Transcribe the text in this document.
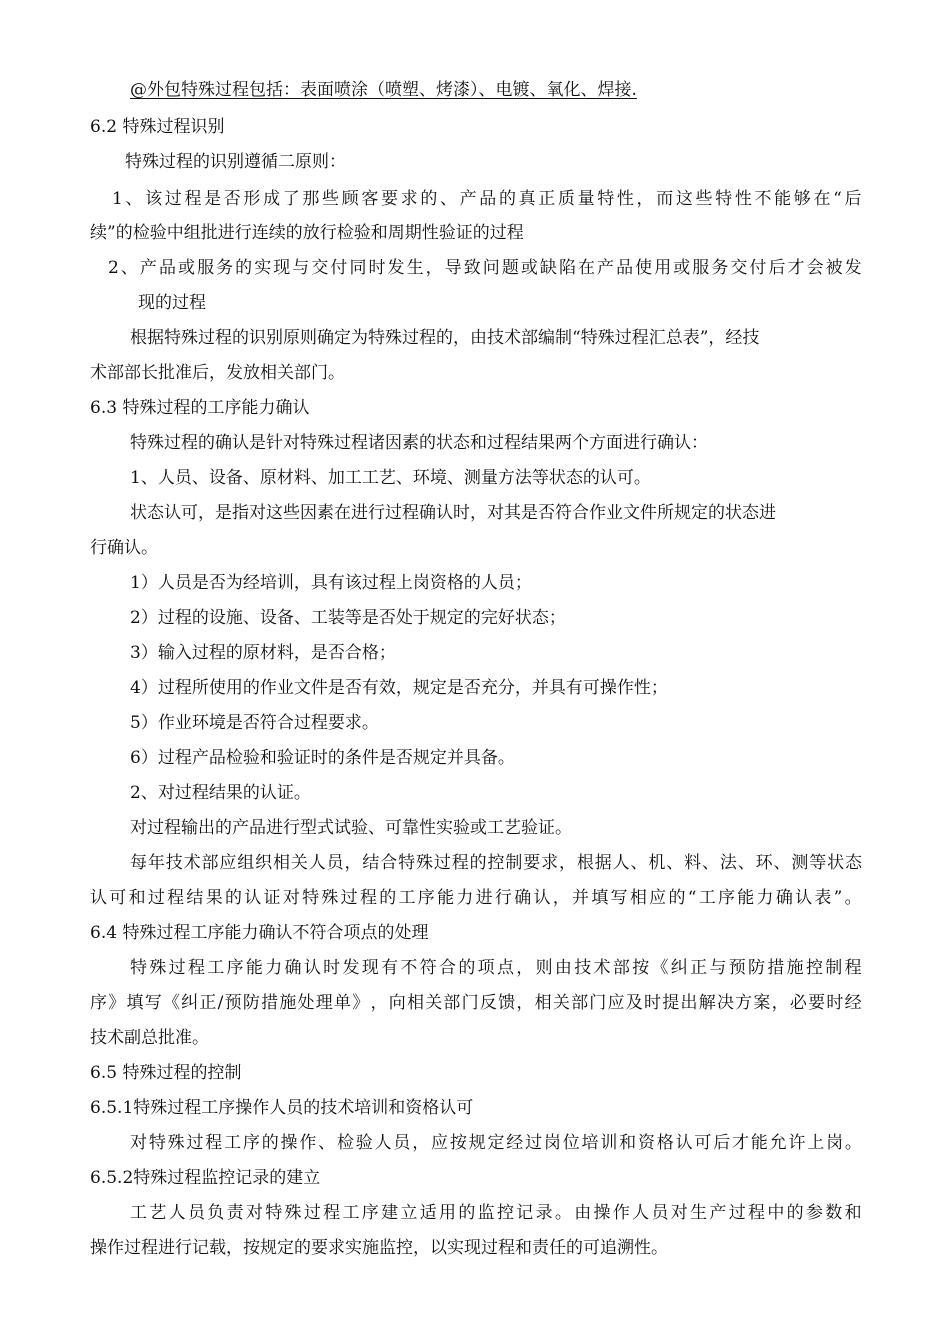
@外包特殊过程包括：表面喷涂（喷塑、烤漆）、电镀、氧化、焊接.
6.2 特殊过程识别
特殊过程的识别遵循二原则：
1 、 该 过 程 是 否 形 成 了 那 些 顾 客 要 求 的 、 产 品 的 真 正 质 量 特 性 ， 而 这 些 特 性 不 能 够 在 “ 后
续”的检验中组批进行连续的放行检验和周期性验证的过程
2 、 产 品 或 服 务 的 实 现 与 交 付 同 时 发 生 ， 导 致 问 题 或 缺 陷 在 产 品 使 用 或 服 务 交 付 后 才 会 被 发
现的过程
根据特殊过程的识别原则确定为特殊过程的，由技术部编制“特殊过程汇总表”，经技
术部部长批准后，发放相关部门。
6.3 特殊过程的工序能力确认
特殊过程的确认是针对特殊过程诸因素的状态和过程结果两个方面进行确认：
1、人员、设备、原材料、加工工艺、环境、测量方法等状态的认可。
状态认可，是指对这些因素在进行过程确认时，对其是否符合作业文件所规定的状态进
行确认。
1）人员是否为经培训，具有该过程上岗资格的人员；
2）过程的设施、设备、工装等是否处于规定的完好状态；
3）输入过程的原材料，是否合格；
4）过程所使用的作业文件是否有效，规定是否充分，并具有可操作性；
5）作业环境是否符合过程要求。
6）过程产品检验和验证时的条件是否规定并具备。
2、对过程结果的认证。
对过程输出的产品进行型式试验、可靠性实验或工艺验证。
每 年 技 术 部 应 组 织 相 关 人 员 ， 结 合 特 殊 过 程 的 控 制 要 求 ， 根 据 人 、 机 、 料 、 法 、 环 、 测 等 状 态
认 可 和 过 程 结 果 的 认 证 对 特 殊 过 程 的 工 序 能 力 进 行 确 认 ， 并 填 写 相 应 的 “ 工 序 能 力 确 认 表 ” 。
6.4 特殊过程工序能力确认不符合项点的处理
特 殊 过 程 工 序 能 力 确 认 时 发 现 有 不 符 合 的 项 点 ， 则 由 技 术 部 按 《 纠 正 与 预 防 措 施 控 制 程
序 》 填 写 《 纠 正 / 预 防 措 施 处 理 单 》 ， 向 相 关 部 门 反 馈 ， 相 关 部 门 应 及 时 提 出 解 决 方 案 ， 必 要 时 经
技术副总批准。
6.5 特殊过程的控制
6.5.1特殊过程工序操作人员的技术培训和资格认可
对 特 殊 过 程 工 序 的 操 作 、 检 验 人 员 ， 应 按 规 定 经 过 岗 位 培 训 和 资 格 认 可 后 才 能 允 许 上 岗 。
6.5.2特殊过程监控记录的建立
工 艺 人 员 负 责 对 特 殊 过 程 工 序 建 立 适 用 的 监 控 记 录 。 由 操 作 人 员 对 生 产 过 程 中 的 参 数 和
操作过程进行记载，按规定的要求实施监控，以实现过程和责任的可追溯性。
